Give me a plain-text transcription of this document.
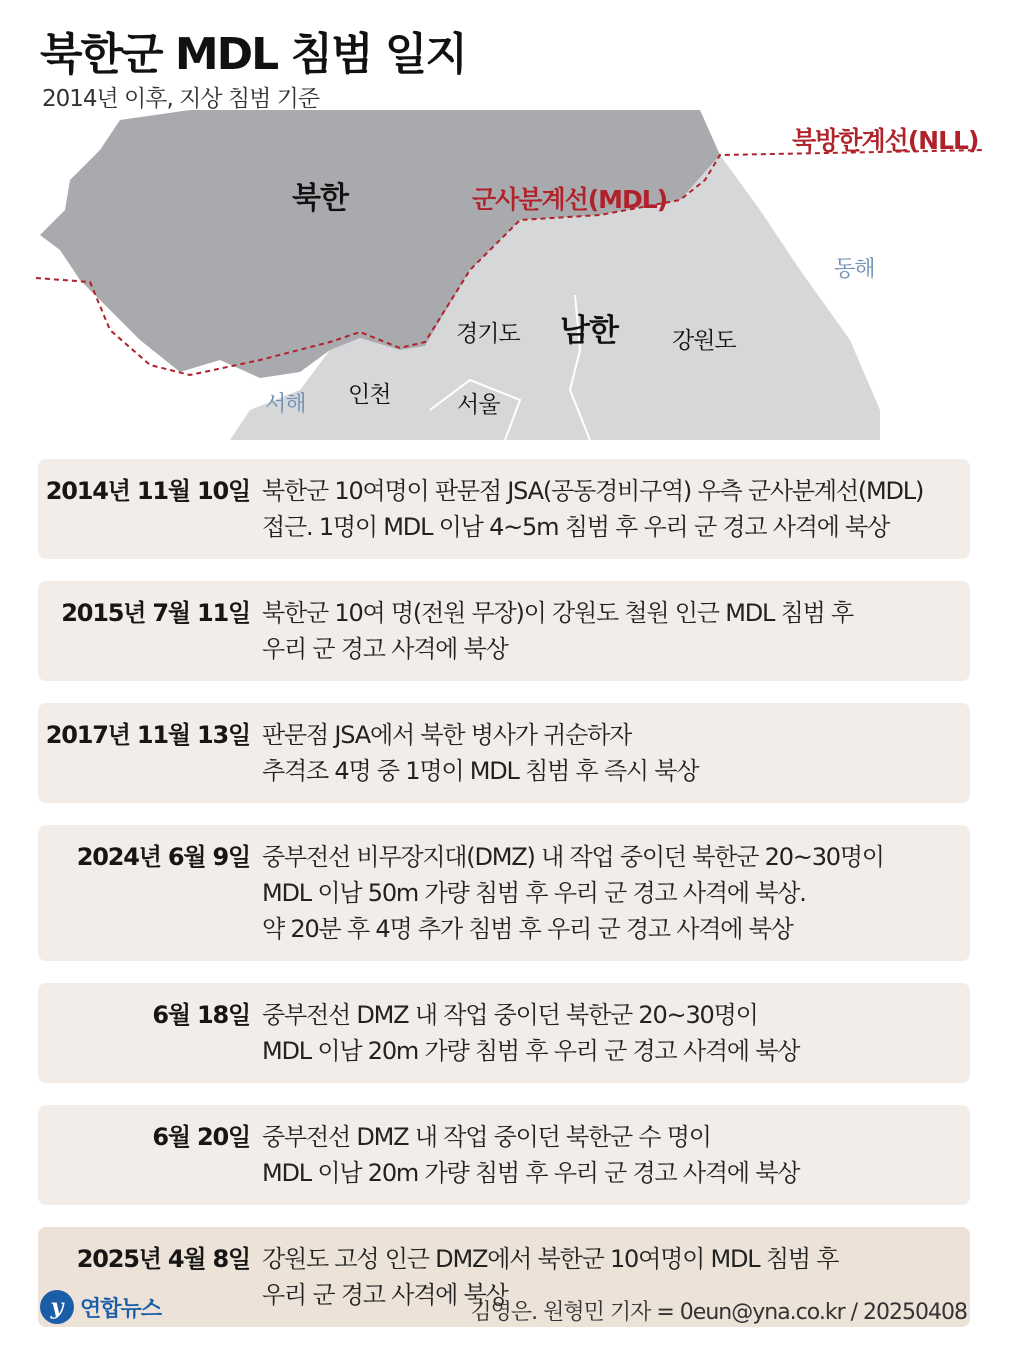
북한군 MDL 침범 일지
2014년 이후, 지상 침범 기준
북방한계선(NLL)
군사분계선(MDL)
북한
동해
경기도 남한 강원도
인천	서울
서해
2014년 11월 10일 북한군 10여명이 판문점 JSA(공동경비구역) 우측 군사분계선(MDL)
접근. 1명이 MDL 이남 4~5m 침범 후 우리 군 경고 사격에 북상
2015년 7월 11일 북한군 10여 명(전원 무장)이 강원도 철원 인근 MDL 침범 후
우리 군 경고 사격에 북상
2017년 11월 13일 판문점 JSA에서 북한 병사가 귀순하자
추격조 4명 중 1명이 MDL 침범 후 즉시 북상
2024년 6월 9일 중부전선 비무장지대(DMZ) 내 작업 중이던 북한군 20~30명이
MDL 이남 50m 가량 침범 후 우리 군 경고 사격에 북상.
약 20분 후 4명 추가 침범 후 우리 군 경고 사격에 북상
6월 18일 중부전선 DMZ 내 작업 중이던 북한군 20~30명이
MDL 이남 20m 가량 침범 후 우리 군 경고 사격에 북상
6월 20일 중부전선 DMZ 내 작업 중이던 북한군 수 명이
MDL 이남 20m 가량 침범 후 우리 군 경고 사격에 북상
2025년 4월 8일 강원도 고성 인근 DMZ에서 북한군 10여명이 MDL 침범 후
우리 군 경고 사격에 북상
y 연합뉴스	김영은. 원형민 기자 = 0eun@yna.co.kr / 20250408
